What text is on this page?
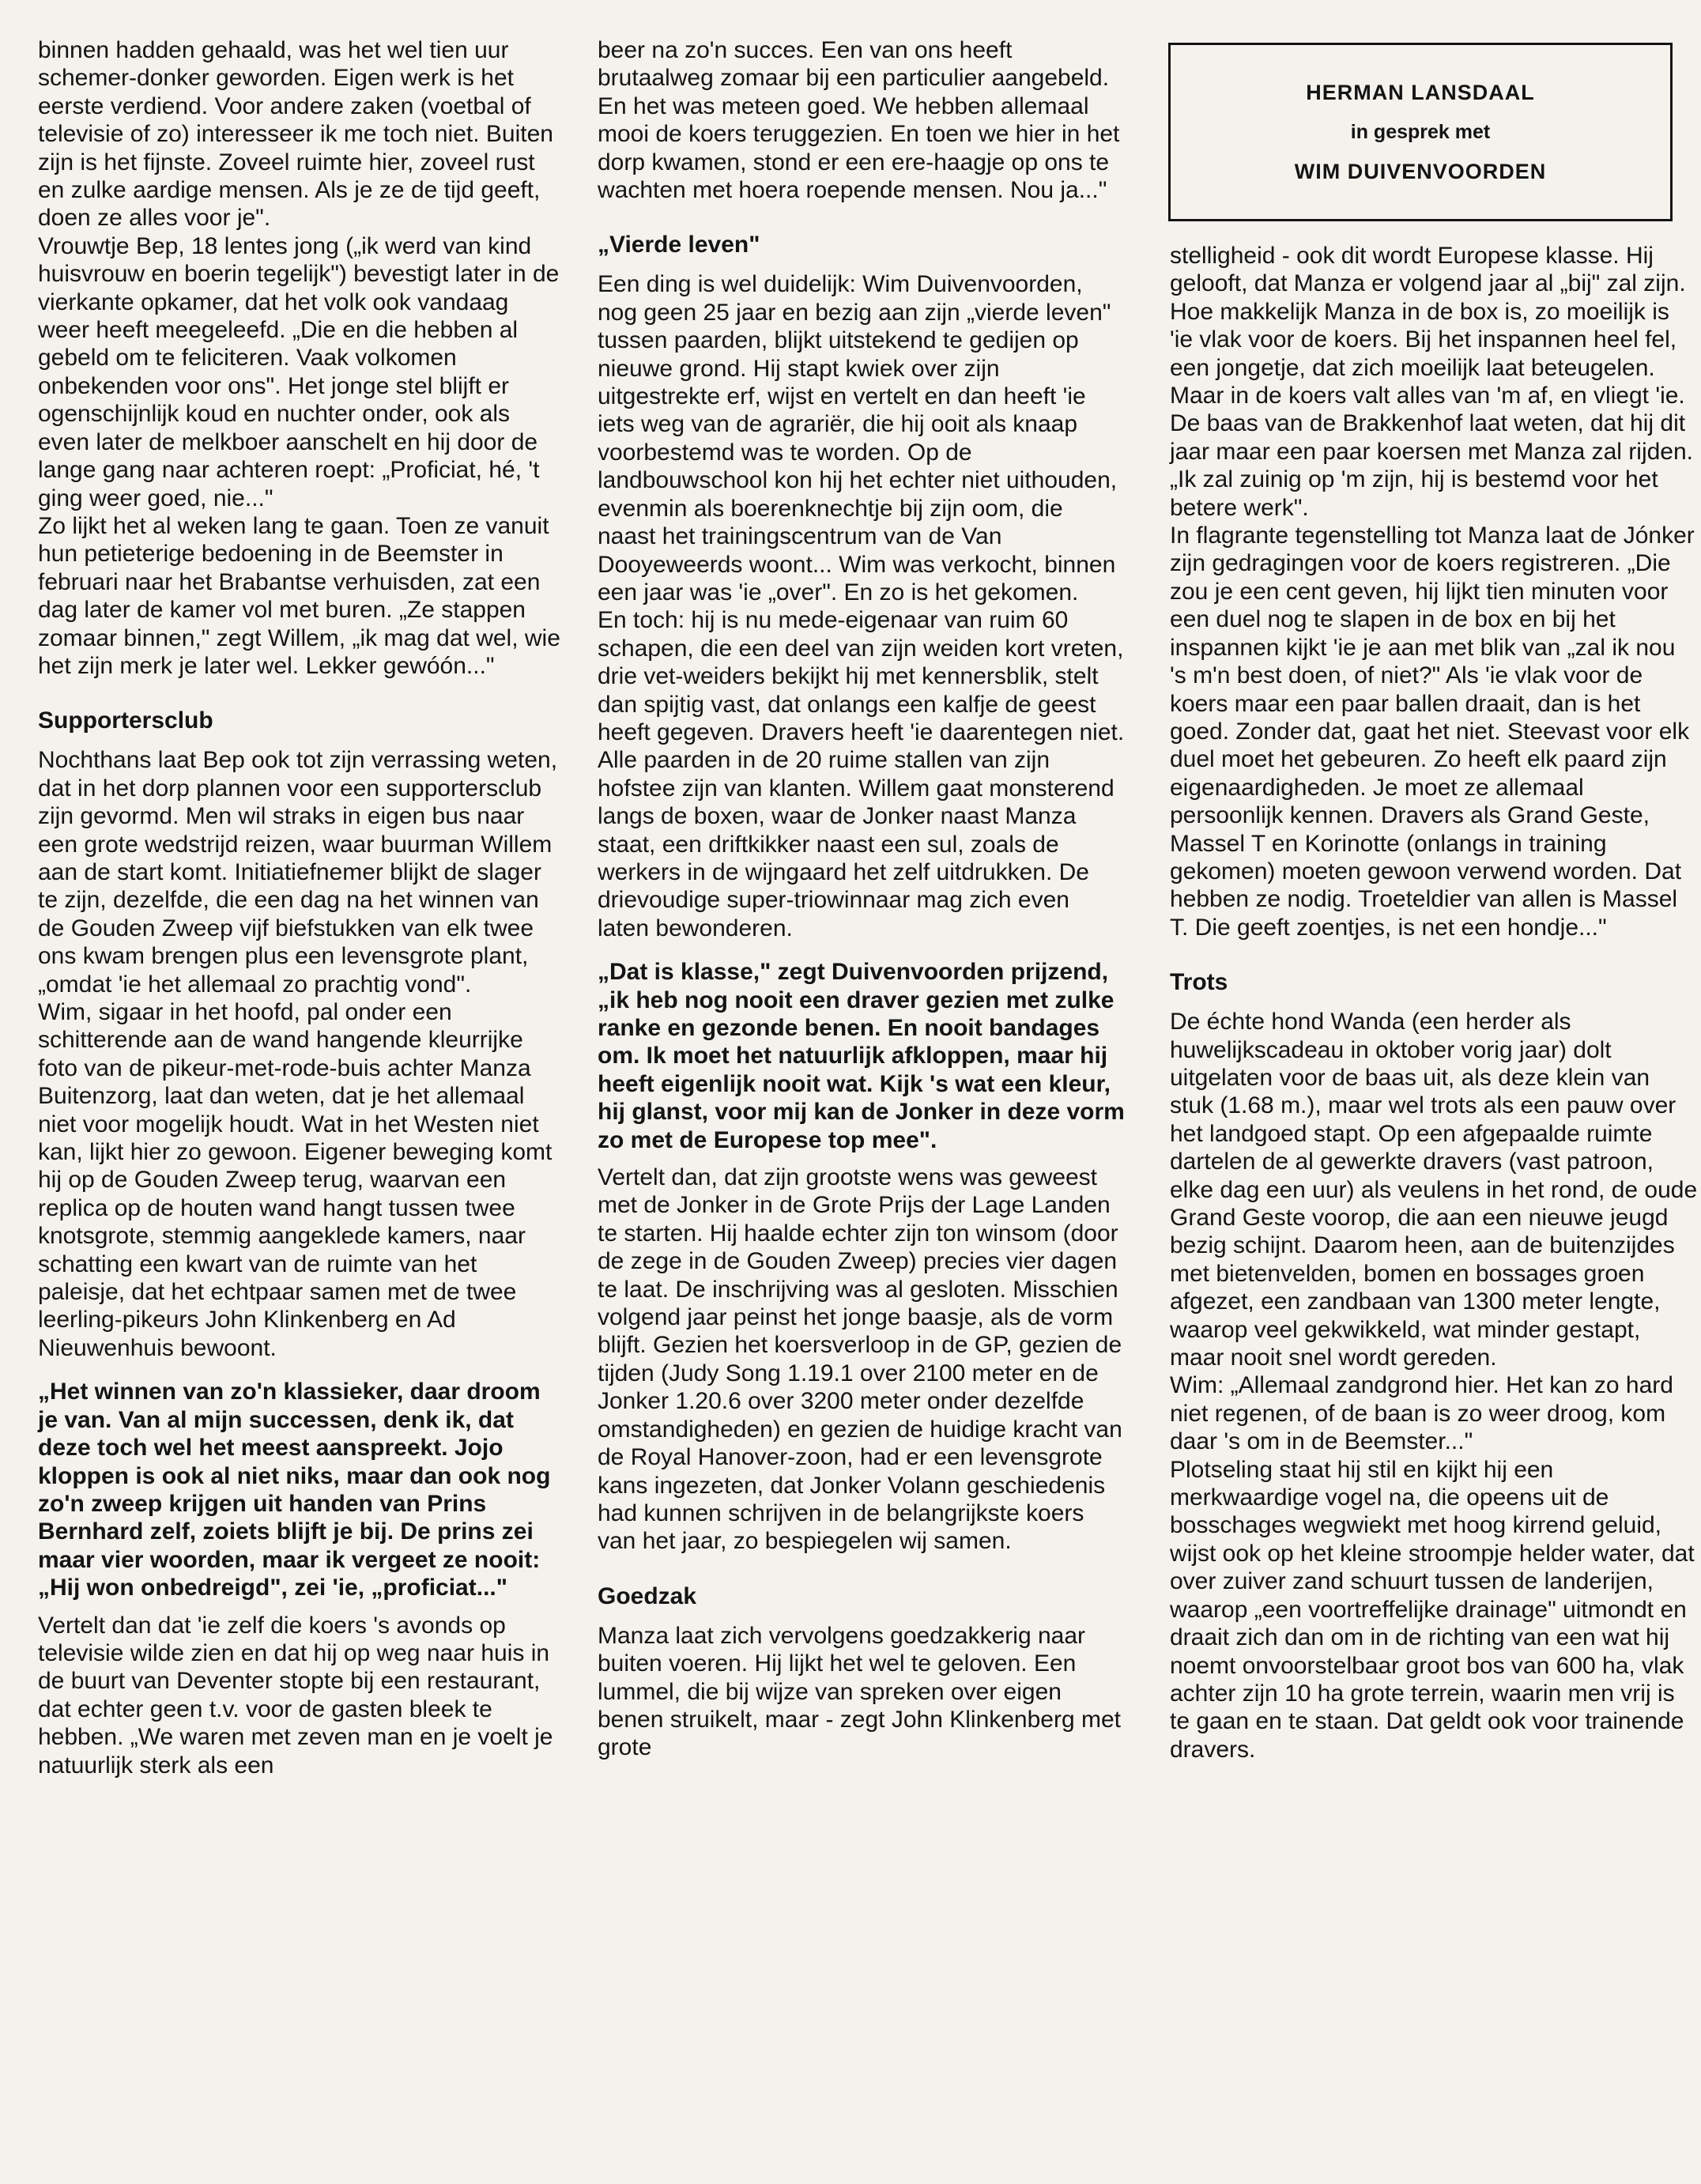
binnen hadden gehaald, was het wel tien uur schemer-donker geworden. Eigen werk is het eerste verdiend. Voor andere zaken (voetbal of televisie of zo) interesseer ik me toch niet. Buiten zijn is het fijnste. Zoveel ruimte hier, zoveel rust en zulke aardige mensen. Als je ze de tijd geeft, doen ze alles voor je".

Vrouwtje Bep, 18 lentes jong („ik werd van kind huisvrouw en boerin tegelijk") bevestigt later in de vierkante opkamer, dat het volk ook vandaag weer heeft meegeleefd. „Die en die hebben al gebeld om te feliciteren. Vaak volkomen onbekenden voor ons". Het jonge stel blijft er ogenschijnlijk koud en nuchter onder, ook als even later de melkboer aanschelt en hij door de lange gang naar achteren roept: „Proficiat, hé, 't ging weer goed, nie..."

Zo lijkt het al weken lang te gaan. Toen ze vanuit hun petieterige bedoening in de Beemster in februari naar het Brabantse verhuisden, zat een dag later de kamer vol met buren. „Ze stappen zomaar binnen," zegt Willem, „ik mag dat wel, wie het zijn merk je later wel. Lekker gewóón..."

Supportersclub

Nochthans laat Bep ook tot zijn verrassing weten, dat in het dorp plannen voor een supportersclub zijn gevormd. Men wil straks in eigen bus naar een grote wedstrijd reizen, waar buurman Willem aan de start komt. Initiatiefnemer blijkt de slager te zijn, dezelfde, die een dag na het winnen van de Gouden Zweep vijf biefstukken van elk twee ons kwam brengen plus een levensgrote plant, „omdat 'ie het allemaal zo prachtig vond".

Wim, sigaar in het hoofd, pal onder een schitterende aan de wand hangende kleurrijke foto van de pikeur-met-rode-buis achter Manza Buitenzorg, laat dan weten, dat je het allemaal niet voor mogelijk houdt. Wat in het Westen niet kan, lijkt hier zo gewoon. Eigener beweging komt hij op de Gouden Zweep terug, waarvan een replica op de houten wand hangt tussen twee knotsgrote, stemmig aangeklede kamers, naar schatting een kwart van de ruimte van het paleisje, dat het echtpaar samen met de twee leerling-pikeurs John Klinkenberg en Ad Nieuwenhuis bewoont.

„Het winnen van zo'n klassieker, daar droom je van. Van al mijn successen, denk ik, dat deze toch wel het meest aanspreekt. Jojo kloppen is ook al niet niks, maar dan ook nog zo'n zweep krijgen uit handen van Prins Bernhard zelf, zoiets blijft je bij. De prins zei maar vier woorden, maar ik vergeet ze nooit: „Hij won onbedreigd", zei 'ie, „proficiat..."

Vertelt dan dat 'ie zelf die koers 's avonds op televisie wilde zien en dat hij op weg naar huis in de buurt van Deventer stopte bij een restaurant, dat echter geen t.v. voor de gasten bleek te hebben. „We waren met zeven man en je voelt je natuurlijk sterk als een

beer na zo'n succes. Een van ons heeft brutaalweg zomaar bij een particulier aangebeld. En het was meteen goed. We hebben allemaal mooi de koers teruggezien. En toen we hier in het dorp kwamen, stond er een ere-haagje op ons te wachten met hoera roepende mensen. Nou ja..."

„Vierde leven"

Een ding is wel duidelijk: Wim Duivenvoorden, nog geen 25 jaar en bezig aan zijn „vierde leven" tussen paarden, blijkt uitstekend te gedijen op nieuwe grond. Hij stapt kwiek over zijn uitgestrekte erf, wijst en vertelt en dan heeft 'ie iets weg van de agrariër, die hij ooit als knaap voorbestemd was te worden. Op de landbouwschool kon hij het echter niet uithouden, evenmin als boerenknechtje bij zijn oom, die naast het trainingscentrum van de Van Dooyeweerds woont... Wim was verkocht, binnen een jaar was 'ie „over". En zo is het gekomen.

En toch: hij is nu mede-eigenaar van ruim 60 schapen, die een deel van zijn weiden kort vreten, drie vet-weiders bekijkt hij met kennersblik, stelt dan spijtig vast, dat onlangs een kalfje de geest heeft gegeven. Dravers heeft 'ie daarentegen niet. Alle paarden in de 20 ruime stallen van zijn hofstee zijn van klanten. Willem gaat monsterend langs de boxen, waar de Jonker naast Manza staat, een driftkikker naast een sul, zoals de werkers in de wijngaard het zelf uitdrukken. De drievoudige super-triowinnaar mag zich even laten bewonderen.

„Dat is klasse," zegt Duivenvoorden prijzend, „ik heb nog nooit een draver gezien met zulke ranke en gezonde benen. En nooit bandages om. Ik moet het natuurlijk afkloppen, maar hij heeft eigenlijk nooit wat. Kijk 's wat een kleur, hij glanst, voor mij kan de Jonker in deze vorm zo met de Europese top mee".

Vertelt dan, dat zijn grootste wens was geweest met de Jonker in de Grote Prijs der Lage Landen te starten. Hij haalde echter zijn ton winsom (door de zege in de Gouden Zweep) precies vier dagen te laat. De inschrijving was al gesloten. Misschien volgend jaar peinst het jonge baasje, als de vorm blijft. Gezien het koersverloop in de GP, gezien de tijden (Judy Song 1.19.1 over 2100 meter en de Jonker 1.20.6 over 3200 meter onder dezelfde omstandigheden) en gezien de huidige kracht van de Royal Hanover-zoon, had er een levensgrote kans ingezeten, dat Jonker Volann geschiedenis had kunnen schrijven in de belangrijkste koers van het jaar, zo bespiegelen wij samen.

Goedzak

Manza laat zich vervolgens goedzakkerig naar buiten voeren. Hij lijkt het wel te geloven. Een lummel, die bij wijze van spreken over eigen benen struikelt, maar - zegt John Klinkenberg met grote

HERMAN LANSDAAL
in gesprek met
WIM DUIVENVOORDEN

stelligheid - ook dit wordt Europese klasse. Hij gelooft, dat Manza er volgend jaar al „bij" zal zijn.

Hoe makkelijk Manza in de box is, zo moeilijk is 'ie vlak voor de koers. Bij het inspannen heel fel, een jongetje, dat zich moeilijk laat beteugelen. Maar in de koers valt alles van 'm af, en vliegt 'ie.

De baas van de Brakkenhof laat weten, dat hij dit jaar maar een paar koersen met Manza zal rijden. „Ik zal zuinig op 'm zijn, hij is bestemd voor het betere werk".

In flagrante tegenstelling tot Manza laat de Jónker zijn gedragingen voor de koers registreren. „Die zou je een cent geven, hij lijkt tien minuten voor een duel nog te slapen in de box en bij het inspannen kijkt 'ie je aan met blik van „zal ik nou 's m'n best doen, of niet?" Als 'ie vlak voor de koers maar een paar ballen draait, dan is het goed. Zonder dat, gaat het niet. Steevast voor elk duel moet het gebeuren. Zo heeft elk paard zijn eigenaardigheden. Je moet ze allemaal persoonlijk kennen. Dravers als Grand Geste, Massel T en Korinotte (onlangs in training gekomen) moeten gewoon verwend worden. Dat hebben ze nodig. Troeteldier van allen is Massel T. Die geeft zoentjes, is net een hondje..."

Trots

De échte hond Wanda (een herder als huwelijkscadeau in oktober vorig jaar) dolt uitgelaten voor de baas uit, als deze klein van stuk (1.68 m.), maar wel trots als een pauw over het landgoed stapt. Op een afgepaalde ruimte dartelen de al gewerkte dravers (vast patroon, elke dag een uur) als veulens in het rond, de oude Grand Geste voorop, die aan een nieuwe jeugd bezig schijnt. Daarom heen, aan de buitenzijdes met bietenvelden, bomen en bossages groen afgezet, een zandbaan van 1300 meter lengte, waarop veel gekwikkeld, wat minder gestapt, maar nooit snel wordt gereden.

Wim: „Allemaal zandgrond hier. Het kan zo hard niet regenen, of de baan is zo weer droog, kom daar 's om in de Beemster..."

Plotseling staat hij stil en kijkt hij een merkwaardige vogel na, die opeens uit de bosschages wegwiekt met hoog kirrend geluid, wijst ook op het kleine stroompje helder water, dat over zuiver zand schuurt tussen de landerijen, waarop „een voortreffelijke drainage" uitmondt en draait zich dan om in de richting van een wat hij noemt onvoorstelbaar groot bos van 600 ha, vlak achter zijn 10 ha grote terrein, waarin men vrij is te gaan en te staan. Dat geldt ook voor trainende dravers.
